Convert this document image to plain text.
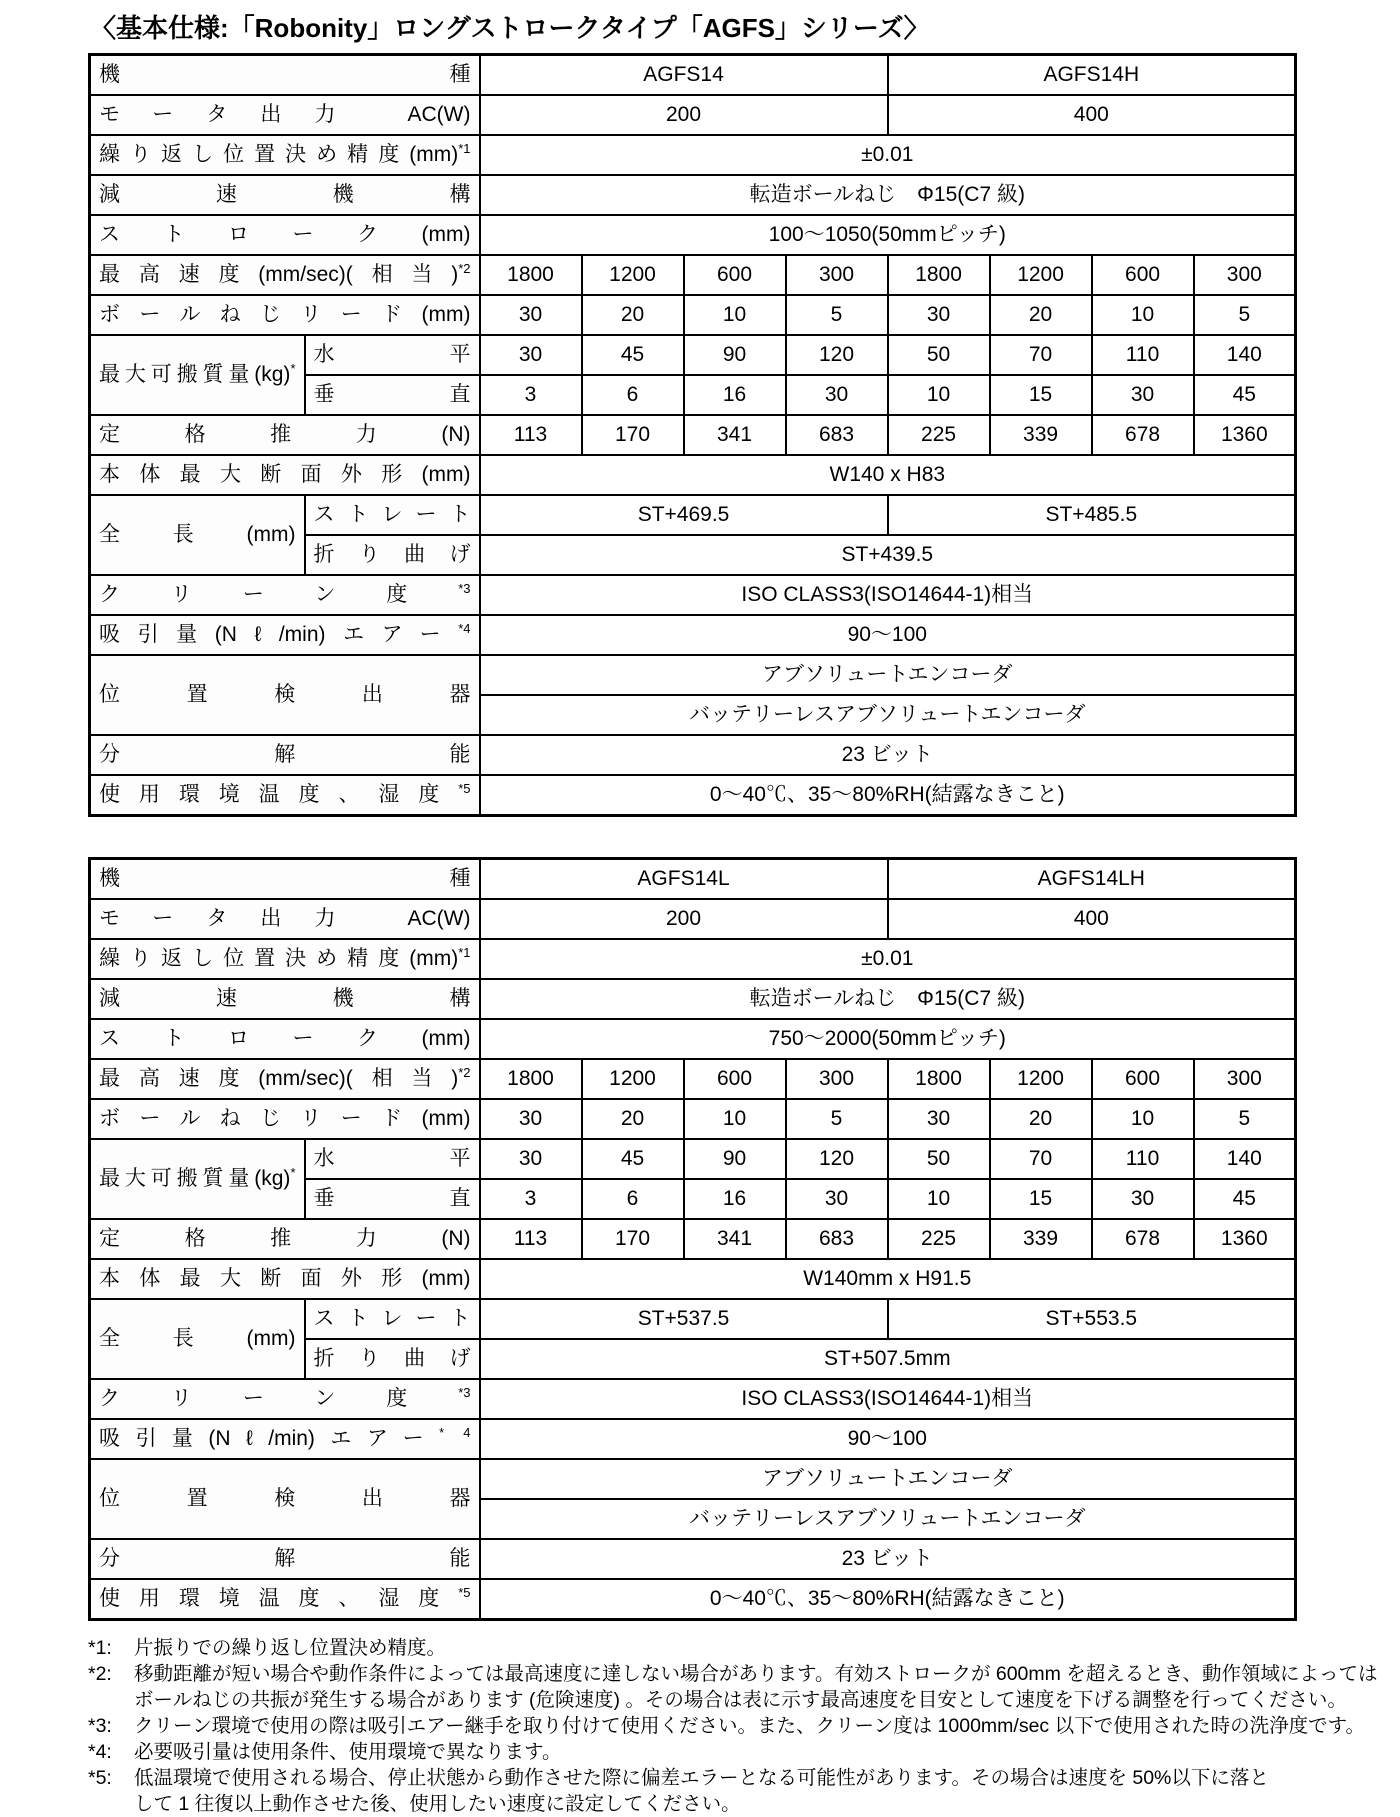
〈基本仕様:「Robonity」ロングストロークタイプ「AGFS」シリーズ〉
機種		AGFS14				AGFS14H			
モータ出力 AC(W)		200				400			
繰り返し位置決め精度(mm)$^{*1}$		±0.01							
減速機構		転造ボールねじ　Φ15(C7 級)							
ストローク(mm)		100〜1050(50mmピッチ)							
最高速度(mm/sec)(相当)$^{*2}$		1800	1200	600	300	1800	1200	600	300
ボールねじリード(mm)		30	20	10	5	30	20	10	5
最大可搬質量(kg)*	水平	30	45	90	120	50	70	110	140
	垂直	3	6	16	30	10	15	30	45
定格推力(N)		113	170	341	683	225	339	678	1360
本体最大断面外形(mm)		W140 x H83							
全長(mm)	ストレート	ST+469.5				ST+485.5			
	折り曲げ	ST+439.5							
クリーン度$^{*3}$		ISO CLASS3(ISO14644-1)相当							
吸引量(Nℓ/min)エアー$^{*4}$		90〜100							
位置検出器		アブソリュートエンコーダ							
		バッテリーレスアブソリュートエンコーダ							
分解能		23 ビット							
使用環境温度、湿度$^{*5}$		0〜40℃、35〜80%RH(結露なきこと)							
機種		AGFS14L				AGFS14LH			
モータ出力 AC(W)		200				400			
繰り返し位置決め精度(mm)$^{*1}$		±0.01							
減速機構		転造ボールねじ　Φ15(C7 級)							
ストローク(mm)		750〜2000(50mmピッチ)							
最高速度(mm/sec)(相当)$^{*2}$		1800	1200	600	300	1800	1200	600	300
ボールねじリード(mm)		30	20	10	5	30	20	10	5
最大可搬質量(kg)*	水平	30	45	90	120	50	70	110	140
	垂直	3	6	16	30	10	15	30	45
定格推力(N)		113	170	341	683	225	339	678	1360
本体最大断面外形(mm)		W140mm x H91.5							
全長(mm)	ストレート	ST+537.5				ST+553.5			
	折り曲げ	ST+507.5mm							
クリーン度$^{*3}$		ISO CLASS3(ISO14644-1)相当							
吸引量(Nℓ/min)エアー$^{* 4}$		90〜100							
位置検出器		アブソリュートエンコーダ							
		バッテリーレスアブソリュートエンコーダ							
分解能		23 ビット							
使用環境温度、湿度$^{*5}$		0〜40℃、35〜80%RH(結露なきこと)							
*1:	片振りでの繰り返し位置決め精度。
*2:	移動距離が短い場合や動作条件によっては最高速度に達しない場合があります。有効ストロークが 600mm を超えるとき、動作領域によっては
ボールねじの共振が発生する場合があります (危険速度) 。その場合は表に示す最高速度を目安として速度を下げる調整を行ってください。
*3:	クリーン環境で使用の際は吸引エアー継手を取り付けて使用ください。また、クリーン度は 1000mm/sec 以下で使用された時の洗浄度です。
*4:	必要吸引量は使用条件、使用環境で異なります。
*5:	低温環境で使用される場合、停止状態から動作させた際に偏差エラーとなる可能性があります。その場合は速度を 50%以下に落と
して 1 往復以上動作させた後、使用したい速度に設定してください。
